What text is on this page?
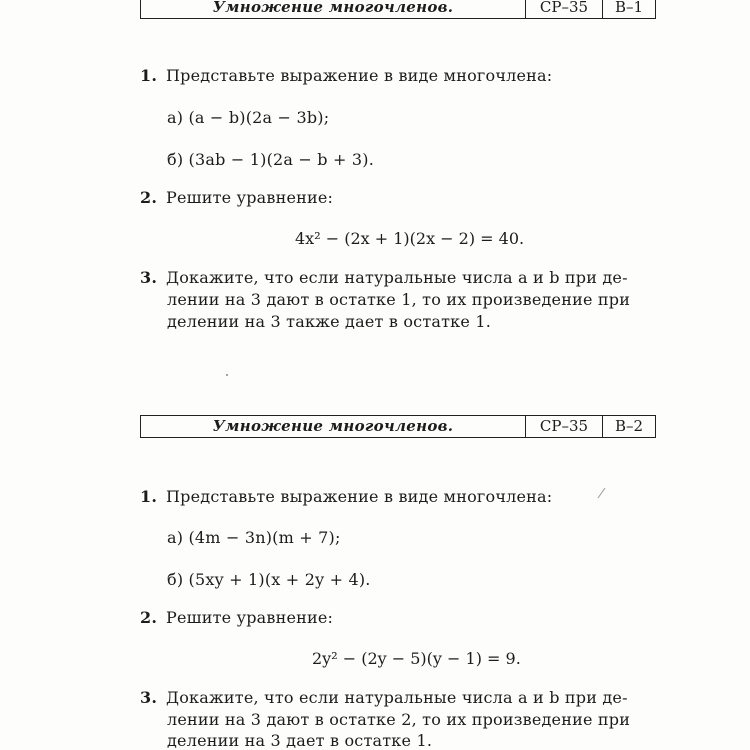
Умножение многочленов.	СР–35	В–1
1. Представьте выражение в виде многочлена:
а) (a − b)(2a − 3b);
б) (3ab − 1)(2a − b + 3).
2. Решите уравнение:
4x² − (2x + 1)(2x − 2) = 40.
3. Докажите, что если натуральные числа a и b при де-
лении на 3 дают в остатке 1, то их произведение при
делении на 3 также дает в остатке 1.
Умножение многочленов.	СР–35	В–2
1. Представьте выражение в виде многочлена:
а) (4m − 3n)(m + 7);
б) (5xy + 1)(x + 2y + 4).
2. Решите уравнение:
2y² − (2y − 5)(y − 1) = 9.
3. Докажите, что если натуральные числа a и b при де-
лении на 3 дают в остатке 2, то их произведение при
делении на 3 дает в остатке 1.
